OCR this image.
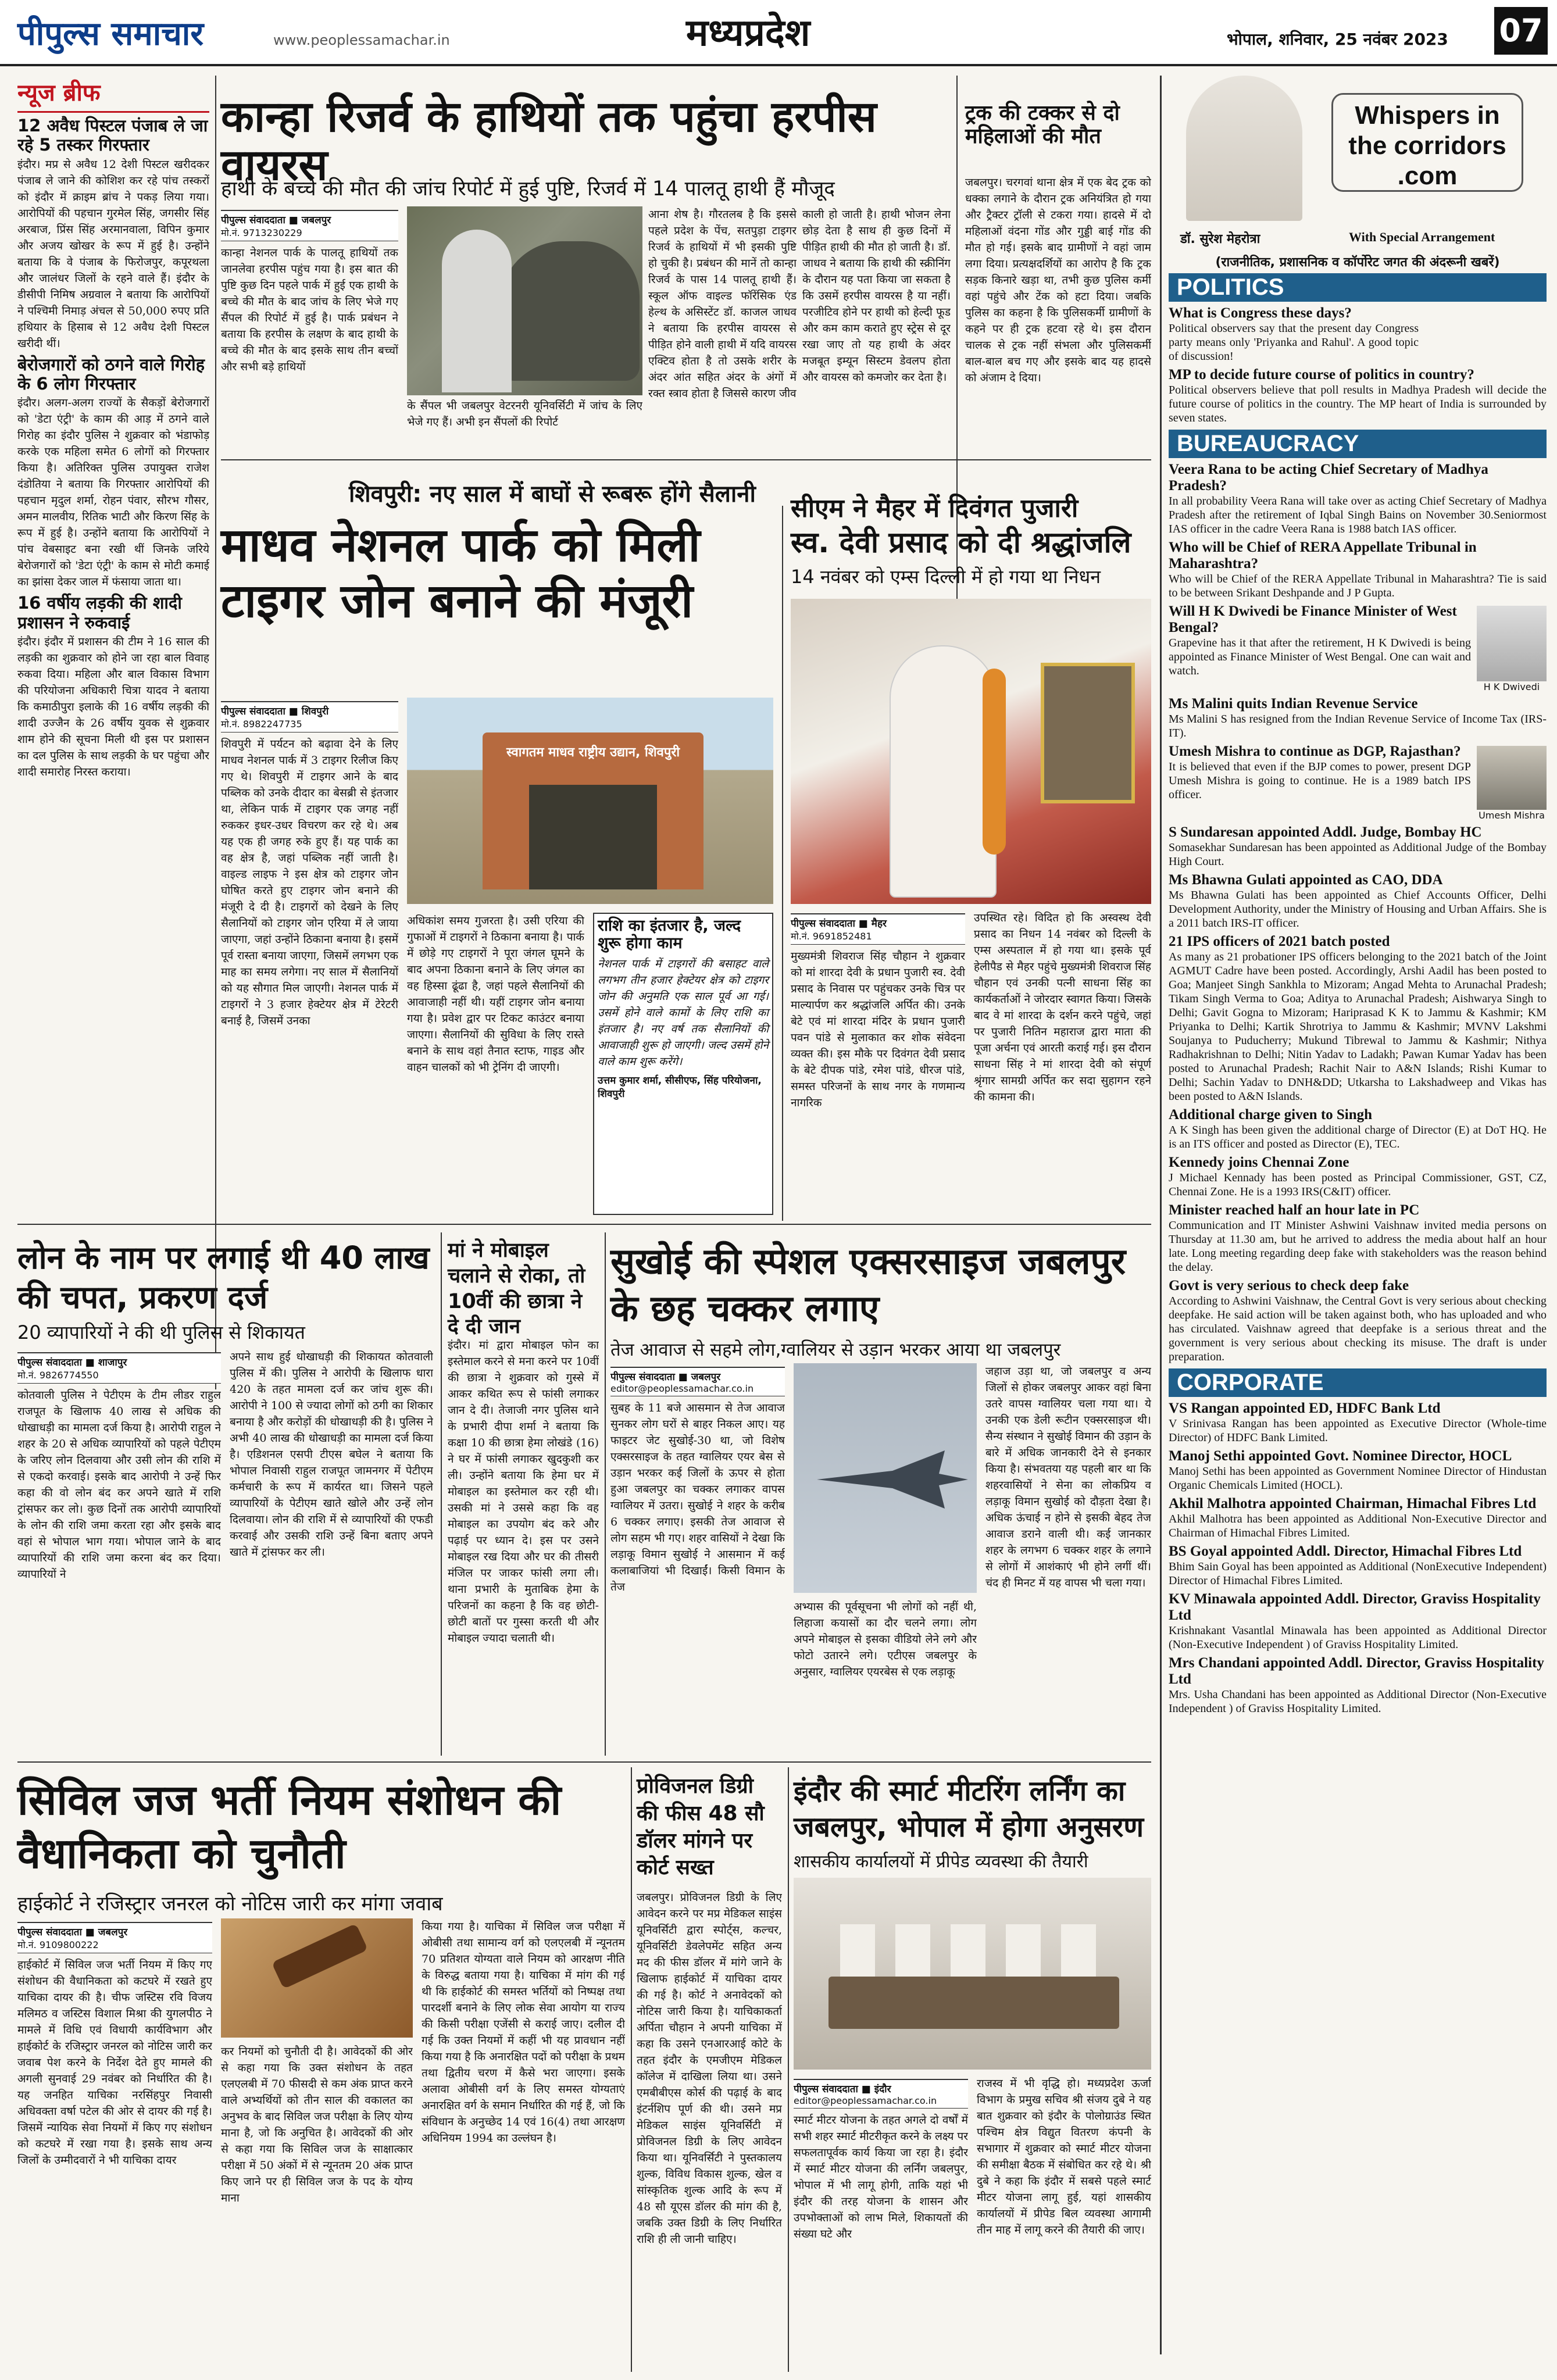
पीपुल्स समाचार	www.peoplessamachar.in	मध्यप्रदेश	भोपाल, शनिवार, 25 नवंबर 2023 07
न्यूज ब्रीफ
12 अवैध पिस्टल पंजाब ले जा रहे 5 तस्कर गिरफ्तार
इंदौर। मप्र से अवैध 12 देशी पिस्टल खरीदकर पंजाब ले जाने की कोशिश कर रहे पांच तस्करों को इंदौर में क्राइम ब्रांच ने पकड़ लिया गया। आरोपियों की पहचान गुरमेल सिंह, जगसीर सिंह अरबाज, प्रिंस सिंह अरमानवाला, विपिन कुमार और अजय खोखर के रूप में हुई है। उन्होंने बताया कि वे पंजाब के फिरोजपुर, कपूरथला और जालंधर जिलों के रहने वाले हैं। इंदौर के डीसीपी निमिष अग्रवाल ने बताया कि आरोपियों ने पश्चिमी निमाड़ अंचल से 50,000 रुपए प्रति हथियार के हिसाब से 12 अवैध देशी पिस्टल खरीदी थीं।
बेरोजगारों को ठगने वाले गिरोह के 6 लोग गिरफ्तार
इंदौर। अलग-अलग राज्यों के सैकड़ों बेरोजगारों को 'डेटा एंट्री' के काम की आड़ में ठगने वाले गिरोह का इंदौर पुलिस ने शुक्रवार को भंडाफोड़ करके एक महिला समेत 6 लोगों को गिरफ्तार किया है। अतिरिक्त पुलिस उपायुक्त राजेश दंडोतिया ने बताया कि गिरफ्तार आरोपियों की पहचान मृदुल शर्मा, रोहन पंवार, सौरभ गौसर, अमन मालवीय, रितिक भाटी और किरण सिंह के रूप में हुई है। उन्होंने बताया कि आरोपियों ने पांच वेबसाइट बना रखी थीं जिनके जरिये बेरोजगारों को 'डेटा एंट्री' के काम से मोटी कमाई का झांसा देकर जाल में फंसाया जाता था।
16 वर्षीय लड़की की शादी प्रशासन ने रुकवाई
इंदौर। इंदौर में प्रशासन की टीम ने 16 साल की लड़की का शुक्रवार को होने जा रहा बाल विवाह रुकवा दिया। महिला और बाल विकास विभाग की परियोजना अधिकारी चित्रा यादव ने बताया कि कमाठीपुरा इलाके की 16 वर्षीय लड़की की शादी उज्जैन के 26 वर्षीय युवक से शुक्रवार शाम होने की सूचना मिली थी इस पर प्रशासन का दल पुलिस के साथ लड़की के घर पहुंचा और शादी समारोह निरस्त कराया।
कान्हा रिजर्व के हाथियों तक पहुंचा हरपीस वायरस
हाथी के बच्चे की मौत की जांच रिपोर्ट में हुई पुष्टि, रिजर्व में 14 पालतू हाथी हैं मौजूद
पीपुल्स संवाददाता ■ जबलपुर
मो.नं. 9713230229
कान्हा नेशनल पार्क के पालतू हाथियों तक जानलेवा हरपीस पहुंच गया है। इस बात की पुष्टि कुछ दिन पहले पार्क में हुई एक हाथी के बच्चे की मौत के बाद जांच के लिए भेजे गए सैंपल की रिपोर्ट में हुई है। पार्क प्रबंधन ने बताया कि हरपीस के लक्षण के बाद हाथी के बच्चे की मौत के बाद इसके साथ तीन बच्चों और सभी बड़े हाथियों
के सैंपल भी जबलपुर वेटरनरी यूनिवर्सिटी में जांच के लिए भेजे गए हैं। अभी इन सैंपलों की रिपोर्ट
आना शेष है। गौरतलब है कि इससे पहले प्रदेश के पेंच, सतपुड़ा टाइगर रिजर्व के हाथियों में भी इसकी पुष्टि हो चुकी है। प्रबंधन की मानें तो कान्हा रिजर्व के पास 14 पालतू हाथी हैं। स्कूल ऑफ वाइल्ड फॉरेंसिक एंड हेल्थ के असिस्टेंट डॉ. काजल जाधव ने बताया कि हरपीस वायरस से पीड़ित होने वाली हाथी में यदि वायरस एक्टिव होता है तो उसके शरीर के अंदर आंत सहित अंदर के अंगों में रक्त स्त्राव होता है जिससे कारण जीव
काली हो जाती है। हाथी भोजन लेना छोड़ देता है साथ ही कुछ दिनों में पीड़ित हाथी की मौत हो जाती है। डॉ. जाधव ने बताया कि हाथी की स्क्रीनिंग के दौरान यह पता किया जा सकता है कि उसमें हरपीस वायरस है या नहीं। परजीटिव होने पर हाथी को हेल्दी फूड और कम काम कराते हुए स्ट्रेस से दूर रखा जाए तो यह हाथी के अंदर मजबूत इम्यून सिस्टम डेवलप होता और वायरस को कमजोर कर देता है।
ट्रक की टक्कर से दो महिलाओं की मौत
जबलपुर। चरगवां थाना क्षेत्र में एक बेद ट्रक को धक्का लगाने के दौरान ट्रक अनियंत्रित हो गया और ट्रैक्टर ट्रॉली से टकरा गया। हादसे में दो महिलाओं वंदना गोंड और गुड्डी बाई गोंड की मौत हो गई। इसके बाद ग्रामीणों ने वहां जाम लगा दिया। प्रत्यक्षदर्शियों का आरोप है कि ट्रक सड़क किनारे खड़ा था, तभी कुछ पुलिस कर्मी वहां पहुंचे और टेंक को हटा दिया। जबकि पुलिस का कहना है कि पुलिसकर्मी ग्रामीणों के कहने पर ही ट्रक हटवा रहे थे। इस दौरान चालक से ट्रक नहीं संभला और पुलिसकर्मी बाल-बाल बच गए और इसके बाद यह हादसे को अंजाम दे दिया।
शिवपुरी: नए साल में बाघों से रूबरू होंगे सैलानी
माधव नेशनल पार्क को मिली टाइगर जोन बनाने की मंजूरी
पीपुल्स संवाददाता ■ शिवपुरी
मो.नं. 8982247735
शिवपुरी में पर्यटन को बढ़ावा देने के लिए माधव नेशनल पार्क में 3 टाइगर रिलीज किए गए थे। शिवपुरी में टाइगर आने के बाद पब्लिक को उनके दीदार का बेसब्री से इंतजार था, लेकिन पार्क में टाइगर एक जगह नहीं रुककर इधर-उधर विचरण कर रहे थे। अब यह एक ही जगह रुके हुए हैं। यह पार्क का वह क्षेत्र है, जहां पब्लिक नहीं जाती है। वाइल्ड लाइफ ने इस क्षेत्र को टाइगर जोन घोषित करते हुए टाइगर जोन बनाने की मंजूरी दे दी है। टाइगरों को देखने के लिए सैलानियों को टाइगर जोन एरिया में ले जाया जाएगा, जहां उन्होंने ठिकाना बनाया है। इसमें पूर्व रास्ता बनाया जाएगा, जिसमें लगभग एक माह का समय लगेगा। नए साल में सैलानियों को यह सौगात मिल जाएगी। नेशनल पार्क में टाइगरों ने 3 हजार हेक्टेयर क्षेत्र में टेरेटरी बनाई है, जिसमें उनका
स्वागतम माधव राष्ट्रीय उद्यान, शिवपुरी
अधिकांश समय गुजरता है। उसी एरिया की गुफाओं में टाइगरों ने ठिकाना बनाया है। पार्क में छोड़े गए टाइगरों ने पूरा जंगल घूमने के बाद अपना ठिकाना बनाने के लिए जंगल का वह हिस्सा ढूंढा है, जहां पहले सैलानियों की आवाजाही नहीं थी। यहीं टाइगर जोन बनाया गया है। प्रवेश द्वार पर टिकट काउंटर बनाया जाएगा। सैलानियों की सुविधा के लिए रास्ते बनाने के साथ वहां तैनात स्टाफ, गाइड और वाहन चालकों को भी ट्रेनिंग दी जाएगी।
राशि का इंतजार है, जल्द शुरू होगा काम
नेशनल पार्क में टाइगरों की बसाहट वाले लगभग तीन हजार हेक्टेयर क्षेत्र को टाइगर जोन की अनुमति एक साल पूर्व आ गई। उसमें होने वाले कामों के लिए राशि का इंतजार है। नए वर्ष तक सैलानियों की आवाजाही शुरू हो जाएगी। जल्द उसमें होने वाले काम शुरू करेंगे।
उत्तम कुमार शर्मा, सीसीएफ, सिंह परियोजना, शिवपुरी
सीएम ने मैहर में दिवंगत पुजारी
स्व. देवी प्रसाद को दी श्रद्धांजलि
14 नवंबर को एम्स दिल्ली में हो गया था निधन
पीपुल्स संवाददाता ■ मैहर
मो.नं. 9691852481
मुख्यमंत्री शिवराज सिंह चौहान ने शुक्रवार को मां शारदा देवी के प्रधान पुजारी स्व. देवी प्रसाद के निवास पर पहुंचकर उनके चित्र पर माल्यार्पण कर श्रद्धांजलि अर्पित की। उनके बेटे एवं मां शारदा मंदिर के प्रधान पुजारी पवन पांडे से मुलाकात कर शोक संवेदना व्यक्त की। इस मौके पर दिवंगत देवी प्रसाद के बेटे दीपक पांडे, रमेश पांडे, धीरज पांडे, समस्त परिजनों के साथ नगर के गणमान्य नागरिक
उपस्थित रहे। विदित हो कि अस्वस्थ देवी प्रसाद का निधन 14 नवंबर को दिल्ली के एम्स अस्पताल में हो गया था। इसके पूर्व हेलीपैड से मैहर पहुंचे मुख्यमंत्री शिवराज सिंह चौहान एवं उनकी पत्नी साधना सिंह का कार्यकर्ताओं ने जोरदार स्वागत किया। जिसके बाद वे मां शारदा के दर्शन करने पहुंचे, जहां पर पुजारी नितिन महाराज द्वारा माता की पूजा अर्चना एवं आरती कराई गई। इस दौरान साधना सिंह ने मां शारदा देवी को संपूर्ण श्रृंगार सामग्री अर्पित कर सदा सुहागन रहने की कामना की।
लोन के नाम पर लगाई थी 40 लाख की चपत, प्रकरण दर्ज
20 व्यापारियों ने की थी पुलिस से शिकायत
पीपुल्स संवाददाता ■ शाजापुर
मो.नं. 9826774550
कोतवाली पुलिस ने पेटीएम के टीम लीडर राहुल राजपूत के खिलाफ 40 लाख से अधिक की धोखाधड़ी का मामला दर्ज किया है। आरोपी राहुल ने शहर के 20 से अधिक व्यापारियों को पहले पेटीएम के जरिए लोन दिलवाया और उसी लोन की राशि में से एकदो करवाई। इसके बाद आरोपी ने उन्हें फिर कहा की वो लोन बंद कर अपने खाते में राशि ट्रांसफर कर लो। कुछ दिनों तक आरोपी व्यापारियों के लोन की राशि जमा करता रहा और इसके बाद वहां से भोपाल भाग गया। भोपाल जाने के बाद व्यापारियों की राशि जमा करना बंद कर दिया। व्यापारियों ने
अपने साथ हुई धोखाधड़ी की शिकायत कोतवाली पुलिस में की। पुलिस ने आरोपी के खिलाफ धारा 420 के तहत मामला दर्ज कर जांच शुरू की। आरोपी ने 100 से ज्यादा लोगों को ठगी का शिकार बनाया है और करोड़ों की धोखाधड़ी की है। पुलिस ने अभी 40 लाख की धोखाधड़ी का मामला दर्ज किया है। एडिशनल एसपी टीएस बघेल ने बताया कि भोपाल निवासी राहुल राजपूत जामनगर में पेटीएम कर्मचारी के रूप में कार्यरत था। जिसने पहले व्यापारियों के पेटीएम खाते खोले और उन्हें लोन दिलवाया। लोन की राशि में से व्यापारियों की एफडी करवाई और उसकी राशि उन्हें बिना बताए अपने खाते में ट्रांसफर कर ली।
मां ने मोबाइल चलाने से रोका, तो 10वीं की छात्रा ने दे दी जान
इंदौर। मां द्वारा मोबाइल फोन का इस्तेमाल करने से मना करने पर 10वीं की छात्रा ने शुक्रवार को गुस्से में आकर कथित रूप से फांसी लगाकर जान दे दी। तेजाजी नगर पुलिस थाने के प्रभारी दीपा शर्मा ने बताया कि कक्षा 10 की छात्रा हेमा लोखंडे (16) ने घर में फांसी लगाकर खुदकुशी कर ली। उन्होंने बताया कि हेमा घर में मोबाइल का इस्तेमाल कर रही थी। उसकी मां ने उससे कहा कि वह मोबाइल का उपयोग बंद करे और पढ़ाई पर ध्यान दे। इस पर उसने मोबाइल रख दिया और घर की तीसरी मंजिल पर जाकर फांसी लगा ली। थाना प्रभारी के मुताबिक हेमा के परिजनों का कहना है कि वह छोटी-छोटी बातों पर गुस्सा करती थी और मोबाइल ज्यादा चलाती थी।
सुखोई की स्पेशल एक्सरसाइज जबलपुर के छह चक्कर लगाए
तेज आवाज से सहमे लोग,ग्वालियर से उड़ान भरकर आया था जबलपुर
पीपुल्स संवाददाता ■ जबलपुर
editor@peoplessamachar.co.in
सुबह के 11 बजे आसमान से तेज आवाज सुनकर लोग घरों से बाहर निकल आए। यह फाइटर जेट सुखोई-30 था, जो विशेष एक्सरसाइज के तहत ग्वालियर एयर बेस से उड़ान भरकर कई जिलों के ऊपर से होता हुआ जबलपुर का चक्कर लगाकर वापस ग्वालियर में उतरा। सुखोई ने शहर के करीब 6 चक्कर लगाए। इसकी तेज आवाज से लोग सहम भी गए। शहर वासियों ने देखा कि लड़ाकू विमान सुखोई ने आसमान में कई कलाबाजियां भी दिखाईं। किसी विमान के तेज
अभ्यास की पूर्वसूचना भी लोगों को नहीं थी, लिहाजा कयासों का दौर चलने लगा। लोग अपने मोबाइल से इसका वीडियो लेने लगे और फोटो उतारने लगे। एटीएस जबलपुर के अनुसार, ग्वालियर एयरबेस से एक लड़ाकू
जहाज उड़ा था, जो जबलपुर व अन्य जिलों से होकर जबलपुर आकर वहां बिना उतरे वापस ग्वालियर चला गया था। ये उनकी एक डेली रूटीन एक्सरसाइज थी। सैन्य संस्थान ने सुखोई विमान की उड़ान के बारे में अधिक जानकारी देने से इनकार किया है। संभवतया यह पहली बार था कि शहरवासियों ने सेना का लोकप्रिय व लड़ाकू विमान सुखोई को दौड़ता देखा है। अधिक ऊंचाई न होने से इसकी बेहद तेज आवाज डराने वाली थी। कई जानकार शहर के लगभग 6 चक्कर शहर के लगाने से लोगों में आशंकाएं भी होने लगीं थीं। चंद ही मिनट में यह वापस भी चला गया।
सिविल जज भर्ती नियम संशोधन की वैधानिकता को चुनौती
हाईकोर्ट ने रजिस्ट्रार जनरल को नोटिस जारी कर मांगा जवाब
पीपुल्स संवाददाता ■ जबलपुर
मो.नं. 9109800222
हाईकोर्ट में सिविल जज भर्ती नियम में किए गए संशोधन की वैधानिकता को कटघरे में रखते हुए याचिका दायर की है। चीफ जस्टिस रवि विजय मलिमठ व जस्टिस विशाल मिश्रा की युगलपीठ ने मामले में विधि एवं विधायी कार्यविभाग और हाईकोर्ट के रजिस्ट्रार जनरल को नोटिस जारी कर जवाब पेश करने के निर्देश देते हुए मामले की अगली सुनवाई 29 नवंबर को निर्धारित की है। यह जनहित याचिका नरसिंहपुर निवासी अधिवक्ता वर्षा पटेल की ओर से दायर की गई है। जिसमें न्यायिक सेवा नियमों में किए गए संशोधन को कटघरे में रखा गया है। इसके साथ अन्य जिलों के उम्मीदवारों ने भी याचिका दायर
कर नियमों को चुनौती दी है। आवेदकों की ओर से कहा गया कि उक्त संशोधन के तहत एलएलबी में 70 फीसदी से कम अंक प्राप्त करने वाले अभ्यर्थियों को तीन साल की वकालत का अनुभव के बाद सिविल जज परीक्षा के लिए योग्य माना है, जो कि अनुचित है। आवेदकों की ओर से कहा गया कि सिविल जज के साक्षात्कार परीक्षा में 50 अंकों में से न्यूनतम 20 अंक प्राप्त किए जाने पर ही सिविल जज के पद के योग्य माना
किया गया है। याचिका में सिविल जज परीक्षा में ओबीसी तथा सामान्य वर्ग को एलएलबी में न्यूनतम 70 प्रतिशत योग्यता वाले नियम को आरक्षण नीति के विरुद्ध बताया गया है। याचिका में मांग की गई थी कि हाईकोर्ट की समस्त भर्तियों को निष्पक्ष तथा पारदर्शी बनाने के लिए लोक सेवा आयोग या राज्य की किसी परीक्षा एजेंसी से कराई जाए। दलील दी गई कि उक्त नियमों में कहीं भी यह प्रावधान नहीं किया गया है कि अनारक्षित पदों को परीक्षा के प्रथम तथा द्वितीय चरण में कैसे भरा जाएगा। इसके अलावा ओबीसी वर्ग के लिए समस्त योग्यताएं अनारक्षित वर्ग के समान निर्धारित की गई हैं, जो कि संविधान के अनुच्छेद 14 एवं 16(4) तथा आरक्षण अधिनियम 1994 का उल्लंघन है।
प्रोविजनल डिग्री की फीस 48 सौ डॉलर मांगने पर कोर्ट सख्त
जबलपुर। प्रोविजनल डिग्री के लिए आवेदन करने पर मप्र मेडिकल साइंस यूनिवर्सिटी द्वारा स्पोर्ट्स, कल्चर, यूनिवर्सिटी डेवलेपमेंट सहित अन्य मद की फीस डॉलर में मांगे जाने के खिलाफ हाईकोर्ट में याचिका दायर की गई है। कोर्ट ने अनावेदकों को नोटिस जारी किया है। याचिकाकर्ता अर्पिता चौहान ने अपनी याचिका में कहा कि उसने एनआरआई कोटे के तहत इंदौर के एमजीएम मेडिकल कॉलेज में दाखिला लिया था। उसने एमबीबीएस कोर्स की पढ़ाई के बाद इंटर्नशिप पूर्ण की थी। उसने मप्र मेडिकल साइंस यूनिवर्सिटी में प्रोविजनल डिग्री के लिए आवेदन किया था। यूनिवर्सिटी ने पुस्तकालय शुल्क, विविध विकास शुल्क, खेल व सांस्कृतिक शुल्क आदि के रूप में 48 सौ यूएस डॉलर की मांग की है, जबकि उक्त डिग्री के लिए निर्धारित राशि ही ली जानी चाहिए।
इंदौर की स्मार्ट मीटरिंग लर्निंग का जबलपुर, भोपाल में होगा अनुसरण
शासकीय कार्यालयों में प्रीपेड व्यवस्था की तैयारी
पीपुल्स संवाददाता ■ इंदौर
editor@peoplessamachar.co.in
स्मार्ट मीटर योजना के तहत अगले दो वर्षों में सभी शहर स्मार्ट मीटरीकृत करने के लक्ष्य पर सफलतापूर्वक कार्य किया जा रहा है। इंदौर में स्मार्ट मीटर योजना की लर्निंग जबलपुर, भोपाल में भी लागू होगी, ताकि यहां भी इंदौर की तरह योजना के शासन और उपभोक्ताओं को लाभ मिले, शिकायतों की संख्या घटे और
राजस्व में भी वृद्धि हो। मध्यप्रदेश ऊर्जा विभाग के प्रमुख सचिव श्री संजय दुबे ने यह बात शुक्रवार को इंदौर के पोलोग्राउंड स्थित पश्चिम क्षेत्र विद्युत वितरण कंपनी के सभागार में शुक्रवार को स्मार्ट मीटर योजना की समीक्षा बैठक में संबोधित कर रहे थे। श्री दुबे ने कहा कि इंदौर में सबसे पहले स्मार्ट मीटर योजना लागू हुई, यहां शासकीय कार्यालयों में प्रीपेड बिल व्यवस्था आगामी तीन माह में लागू करने की तैयारी की जाए।
Whispers in the corridors .com
डॉ. सुरेश मेहरोत्रा	With Special Arrangement
(राजनीतिक, प्रशासनिक व कॉर्पोरेट जगत की अंदरूनी खबरें)
POLITICS
What is Congress these days?
Political observers say that the present day Congress party means only 'Priyanka and Rahul'. A good topic of discussion!
MP to decide future course of politics in country?
Political observers believe that poll results in Madhya Pradesh will decide the future course of politics in the country. The MP heart of India is surrounded by seven states.
BUREAUCRACY
Veera Rana to be acting Chief Secretary of Madhya Pradesh?
In all probability Veera Rana will take over as acting Chief Secretary of Madhya Pradesh after the retirement of Iqbal Singh Bains on November 30.Seniormost IAS officer in the cadre Veera Rana is 1988 batch IAS officer.
Who will be Chief of RERA Appellate Tribunal in Maharashtra?
Who will be Chief of the RERA Appellate Tribunal in Maharashtra? Tie is said to be between Srikant Deshpande and J P Gupta.
Will H K Dwivedi be Finance Minister of West Bengal?
Grapevine has it that after the retirement, H K Dwivedi is being appointed as Finance Minister of West Bengal. One can wait and watch.
H K Dwivedi
Ms Malini quits Indian Revenue Service
Ms Malini S has resigned from the Indian Revenue Service of Income Tax (IRS-IT).
Umesh Mishra to continue as DGP, Rajasthan?
It is believed that even if the BJP comes to power, present DGP Umesh Mishra is going to continue. He is a 1989 batch IPS officer.
Umesh Mishra
S Sundaresan appointed Addl. Judge, Bombay HC
Somasekhar Sundaresan has been appointed as Additional Judge of the Bombay High Court.
Ms Bhawna Gulati appointed as CAO, DDA
Ms Bhawna Gulati has been appointed as Chief Accounts Officer, Delhi Development Authority, under the Ministry of Housing and Urban Affairs. She is a 2011 batch IRS-IT officer.
21 IPS officers of 2021 batch posted
As many as 21 probationer IPS officers belonging to the 2021 batch of the Joint AGMUT Cadre have been posted. Accordingly, Arshi Aadil has been posted to Goa; Manjeet Singh Sankhla to Mizoram; Angad Mehta to Arunachal Pradesh; Tikam Singh Verma to Goa; Aditya to Arunachal Pradesh; Aishwarya Singh to Delhi; Gavit Gogna to Mizoram; Hariprasad K K to Jammu & Kashmir; KM Priyanka to Delhi; Kartik Shrotriya to Jammu & Kashmir; MVNV Lakshmi Soujanya to Puducherry; Mukund Tibrewal to Jammu & Kashmir; Nithya Radhakrishnan to Delhi; Nitin Yadav to Ladakh; Pawan Kumar Yadav has been posted to Arunachal Pradesh; Rachit Nair to A&N Islands; Rishi Kumar to Delhi; Sachin Yadav to DNH&DD; Utkarsha to Lakshadweep and Vikas has been posted to A&N Islands.
Additional charge given to Singh
A K Singh has been given the additional charge of Director (E) at DoT HQ. He is an ITS officer and posted as Director (E), TEC.
Kennedy joins Chennai Zone
J Michael Kennady has been posted as Principal Commissioner, GST, CZ, Chennai Zone. He is a 1993 IRS(C&IT) officer.
Minister reached half an hour late in PC
Communication and IT Minister Ashwini Vaishnaw invited media persons on Thursday at 11.30 am, but he arrived to address the media about half an hour late. Long meeting regarding deep fake with stakeholders was the reason behind the delay.
Govt is very serious to check deep fake
According to Ashwini Vaishnaw, the Central Govt is very serious about checking deepfake. He said action will be taken against both, who has uploaded and who has circulated. Vaishnaw agreed that deepfake is a serious threat and the government is very serious about checking its misuse. The draft is under preparation.
CORPORATE
VS Rangan appointed ED, HDFC Bank Ltd
V Srinivasa Rangan has been appointed as Executive Director (Whole-time Director) of HDFC Bank Limited.
Manoj Sethi appointed Govt. Nominee Director, HOCL
Manoj Sethi has been appointed as Government Nominee Director of Hindustan Organic Chemicals Limited (HOCL).
Akhil Malhotra appointed Chairman, Himachal Fibres Ltd
Akhil Malhotra has been appointed as Additional Non-Executive Director and Chairman of Himachal Fibres Limited.
BS Goyal appointed Addl. Director, Himachal Fibres Ltd
Bhim Sain Goyal has been appointed as Additional (NonExecutive Independent) Director of Himachal Fibres Limited.
KV Minawala appointed Addl. Director, Graviss Hospitality Ltd
Krishnakant Vasantlal Minawala has been appointed as Additional Director (Non-Executive Independent ) of Graviss Hospitality Limited.
Mrs Chandani appointed Addl. Director, Graviss Hospitality Ltd
Mrs. Usha Chandani has been appointed as Additional Director (Non-Executive Independent ) of Graviss Hospitality Limited.
